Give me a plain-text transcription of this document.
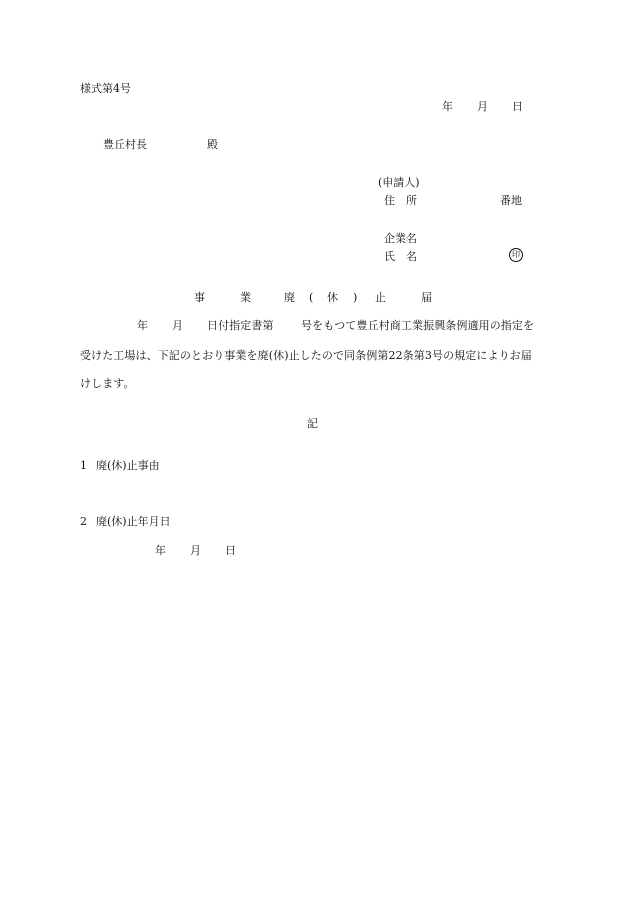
様式第4号
年 月 日
豊丘村長	殿
(申請人)
住　所	番地
企業名
氏　名	印
事	業	廃 ( 休 ) 止	届
年 月 日付指定書第 号をもつて豊丘村商工業振興条例適用の指定を
受けた工場は、下記のとおり事業を廃(休)止したので同条例第22条第3号の規定によりお届
けします。
記
1 廃(休)止事由
2 廃(休)止年月日
年 月 日
